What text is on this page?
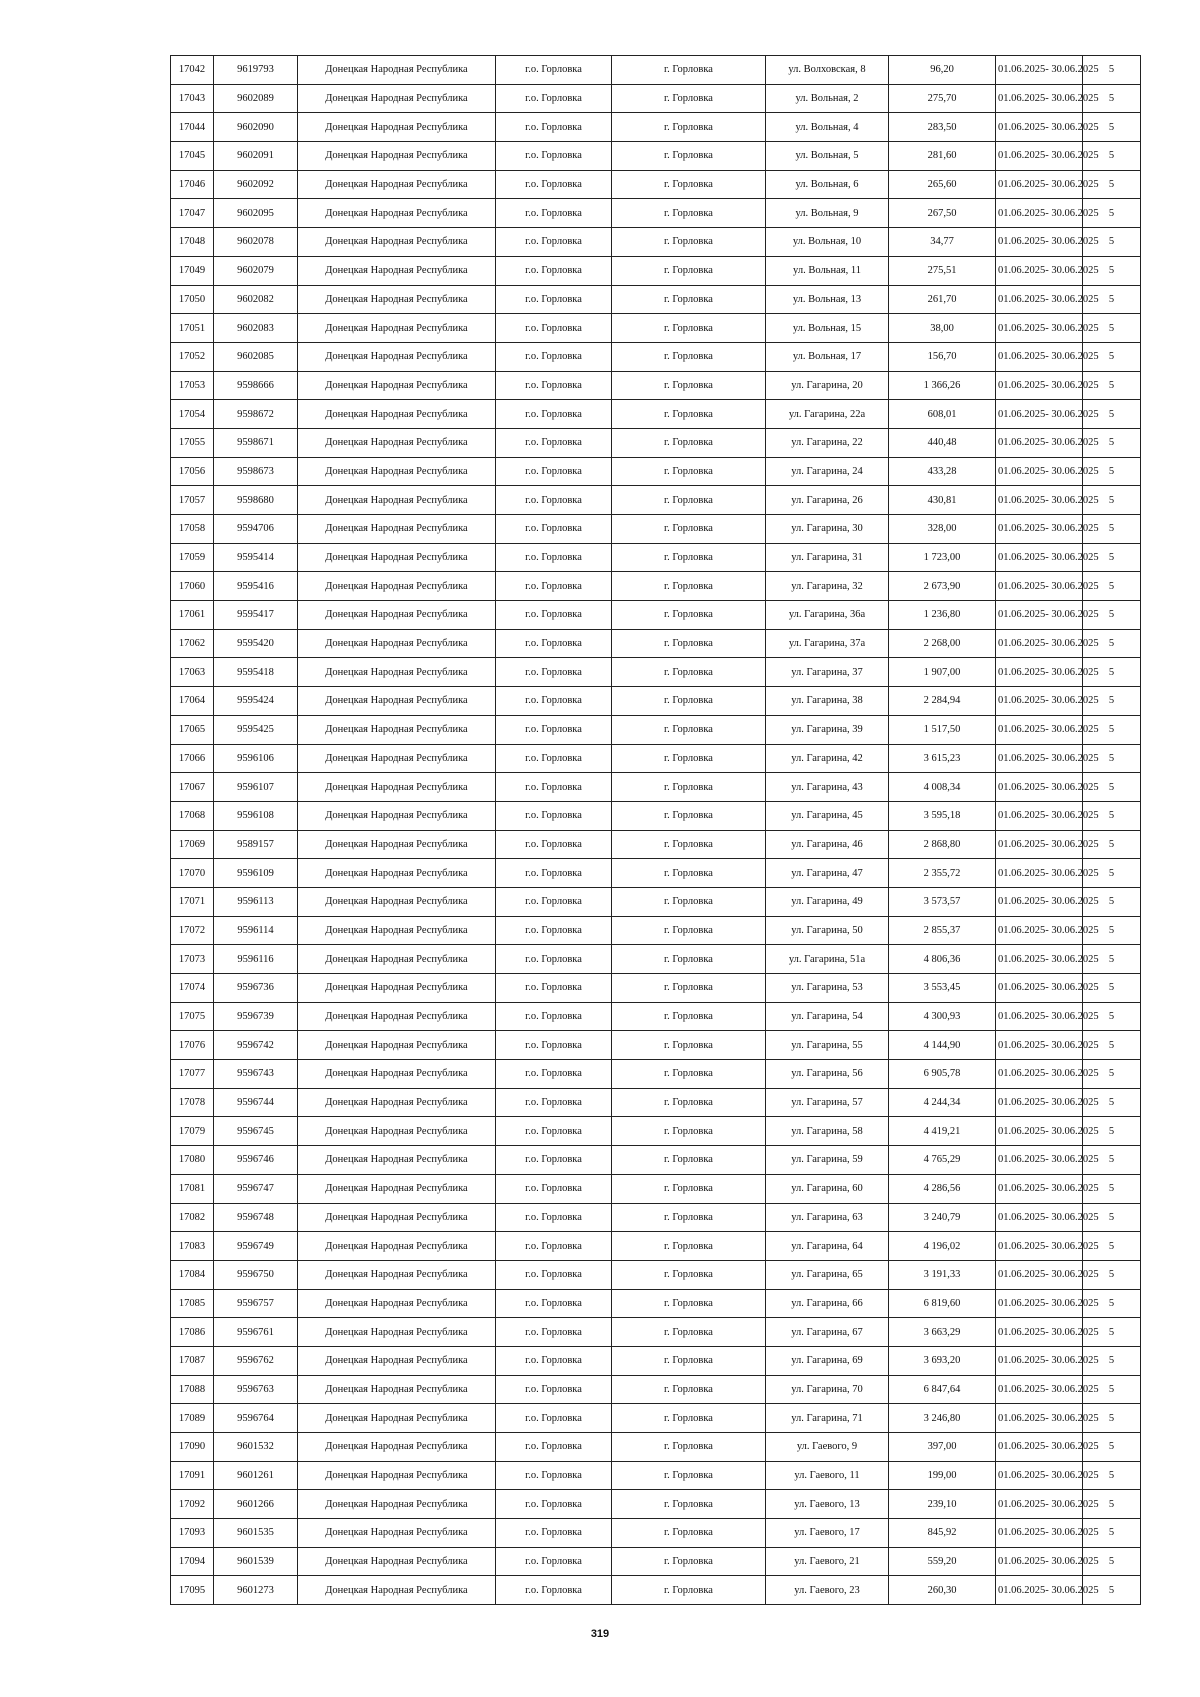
17042	9619793	Донецкая Народная Республика	г.о. Горловка	г. Горловка	ул. Волховская, 8	96,20	01.06.2025- 30.06.2025	5
17043	9602089	Донецкая Народная Республика	г.о. Горловка	г. Горловка	ул. Вольная, 2	275,70	01.06.2025- 30.06.2025	5
17044	9602090	Донецкая Народная Республика	г.о. Горловка	г. Горловка	ул. Вольная, 4	283,50	01.06.2025- 30.06.2025	5
17045	9602091	Донецкая Народная Республика	г.о. Горловка	г. Горловка	ул. Вольная, 5	281,60	01.06.2025- 30.06.2025	5
17046	9602092	Донецкая Народная Республика	г.о. Горловка	г. Горловка	ул. Вольная, 6	265,60	01.06.2025- 30.06.2025	5
17047	9602095	Донецкая Народная Республика	г.о. Горловка	г. Горловка	ул. Вольная, 9	267,50	01.06.2025- 30.06.2025	5
17048	9602078	Донецкая Народная Республика	г.о. Горловка	г. Горловка	ул. Вольная, 10	34,77	01.06.2025- 30.06.2025	5
17049	9602079	Донецкая Народная Республика	г.о. Горловка	г. Горловка	ул. Вольная, 11	275,51	01.06.2025- 30.06.2025	5
17050	9602082	Донецкая Народная Республика	г.о. Горловка	г. Горловка	ул. Вольная, 13	261,70	01.06.2025- 30.06.2025	5
17051	9602083	Донецкая Народная Республика	г.о. Горловка	г. Горловка	ул. Вольная, 15	38,00	01.06.2025- 30.06.2025	5
17052	9602085	Донецкая Народная Республика	г.о. Горловка	г. Горловка	ул. Вольная, 17	156,70	01.06.2025- 30.06.2025	5
17053	9598666	Донецкая Народная Республика	г.о. Горловка	г. Горловка	ул. Гагарина, 20	1 366,26	01.06.2025- 30.06.2025	5
17054	9598672	Донецкая Народная Республика	г.о. Горловка	г. Горловка	ул. Гагарина, 22а	608,01	01.06.2025- 30.06.2025	5
17055	9598671	Донецкая Народная Республика	г.о. Горловка	г. Горловка	ул. Гагарина, 22	440,48	01.06.2025- 30.06.2025	5
17056	9598673	Донецкая Народная Республика	г.о. Горловка	г. Горловка	ул. Гагарина, 24	433,28	01.06.2025- 30.06.2025	5
17057	9598680	Донецкая Народная Республика	г.о. Горловка	г. Горловка	ул. Гагарина, 26	430,81	01.06.2025- 30.06.2025	5
17058	9594706	Донецкая Народная Республика	г.о. Горловка	г. Горловка	ул. Гагарина, 30	328,00	01.06.2025- 30.06.2025	5
17059	9595414	Донецкая Народная Республика	г.о. Горловка	г. Горловка	ул. Гагарина, 31	1 723,00	01.06.2025- 30.06.2025	5
17060	9595416	Донецкая Народная Республика	г.о. Горловка	г. Горловка	ул. Гагарина, 32	2 673,90	01.06.2025- 30.06.2025	5
17061	9595417	Донецкая Народная Республика	г.о. Горловка	г. Горловка	ул. Гагарина, 36а	1 236,80	01.06.2025- 30.06.2025	5
17062	9595420	Донецкая Народная Республика	г.о. Горловка	г. Горловка	ул. Гагарина, 37а	2 268,00	01.06.2025- 30.06.2025	5
17063	9595418	Донецкая Народная Республика	г.о. Горловка	г. Горловка	ул. Гагарина, 37	1 907,00	01.06.2025- 30.06.2025	5
17064	9595424	Донецкая Народная Республика	г.о. Горловка	г. Горловка	ул. Гагарина, 38	2 284,94	01.06.2025- 30.06.2025	5
17065	9595425	Донецкая Народная Республика	г.о. Горловка	г. Горловка	ул. Гагарина, 39	1 517,50	01.06.2025- 30.06.2025	5
17066	9596106	Донецкая Народная Республика	г.о. Горловка	г. Горловка	ул. Гагарина, 42	3 615,23	01.06.2025- 30.06.2025	5
17067	9596107	Донецкая Народная Республика	г.о. Горловка	г. Горловка	ул. Гагарина, 43	4 008,34	01.06.2025- 30.06.2025	5
17068	9596108	Донецкая Народная Республика	г.о. Горловка	г. Горловка	ул. Гагарина, 45	3 595,18	01.06.2025- 30.06.2025	5
17069	9589157	Донецкая Народная Республика	г.о. Горловка	г. Горловка	ул. Гагарина, 46	2 868,80	01.06.2025- 30.06.2025	5
17070	9596109	Донецкая Народная Республика	г.о. Горловка	г. Горловка	ул. Гагарина, 47	2 355,72	01.06.2025- 30.06.2025	5
17071	9596113	Донецкая Народная Республика	г.о. Горловка	г. Горловка	ул. Гагарина, 49	3 573,57	01.06.2025- 30.06.2025	5
17072	9596114	Донецкая Народная Республика	г.о. Горловка	г. Горловка	ул. Гагарина, 50	2 855,37	01.06.2025- 30.06.2025	5
17073	9596116	Донецкая Народная Республика	г.о. Горловка	г. Горловка	ул. Гагарина, 51а	4 806,36	01.06.2025- 30.06.2025	5
17074	9596736	Донецкая Народная Республика	г.о. Горловка	г. Горловка	ул. Гагарина, 53	3 553,45	01.06.2025- 30.06.2025	5
17075	9596739	Донецкая Народная Республика	г.о. Горловка	г. Горловка	ул. Гагарина, 54	4 300,93	01.06.2025- 30.06.2025	5
17076	9596742	Донецкая Народная Республика	г.о. Горловка	г. Горловка	ул. Гагарина, 55	4 144,90	01.06.2025- 30.06.2025	5
17077	9596743	Донецкая Народная Республика	г.о. Горловка	г. Горловка	ул. Гагарина, 56	6 905,78	01.06.2025- 30.06.2025	5
17078	9596744	Донецкая Народная Республика	г.о. Горловка	г. Горловка	ул. Гагарина, 57	4 244,34	01.06.2025- 30.06.2025	5
17079	9596745	Донецкая Народная Республика	г.о. Горловка	г. Горловка	ул. Гагарина, 58	4 419,21	01.06.2025- 30.06.2025	5
17080	9596746	Донецкая Народная Республика	г.о. Горловка	г. Горловка	ул. Гагарина, 59	4 765,29	01.06.2025- 30.06.2025	5
17081	9596747	Донецкая Народная Республика	г.о. Горловка	г. Горловка	ул. Гагарина, 60	4 286,56	01.06.2025- 30.06.2025	5
17082	9596748	Донецкая Народная Республика	г.о. Горловка	г. Горловка	ул. Гагарина, 63	3 240,79	01.06.2025- 30.06.2025	5
17083	9596749	Донецкая Народная Республика	г.о. Горловка	г. Горловка	ул. Гагарина, 64	4 196,02	01.06.2025- 30.06.2025	5
17084	9596750	Донецкая Народная Республика	г.о. Горловка	г. Горловка	ул. Гагарина, 65	3 191,33	01.06.2025- 30.06.2025	5
17085	9596757	Донецкая Народная Республика	г.о. Горловка	г. Горловка	ул. Гагарина, 66	6 819,60	01.06.2025- 30.06.2025	5
17086	9596761	Донецкая Народная Республика	г.о. Горловка	г. Горловка	ул. Гагарина, 67	3 663,29	01.06.2025- 30.06.2025	5
17087	9596762	Донецкая Народная Республика	г.о. Горловка	г. Горловка	ул. Гагарина, 69	3 693,20	01.06.2025- 30.06.2025	5
17088	9596763	Донецкая Народная Республика	г.о. Горловка	г. Горловка	ул. Гагарина, 70	6 847,64	01.06.2025- 30.06.2025	5
17089	9596764	Донецкая Народная Республика	г.о. Горловка	г. Горловка	ул. Гагарина, 71	3 246,80	01.06.2025- 30.06.2025	5
17090	9601532	Донецкая Народная Республика	г.о. Горловка	г. Горловка	ул. Гаевого, 9	397,00	01.06.2025- 30.06.2025	5
17091	9601261	Донецкая Народная Республика	г.о. Горловка	г. Горловка	ул. Гаевого, 11	199,00	01.06.2025- 30.06.2025	5
17092	9601266	Донецкая Народная Республика	г.о. Горловка	г. Горловка	ул. Гаевого, 13	239,10	01.06.2025- 30.06.2025	5
17093	9601535	Донецкая Народная Республика	г.о. Горловка	г. Горловка	ул. Гаевого, 17	845,92	01.06.2025- 30.06.2025	5
17094	9601539	Донецкая Народная Республика	г.о. Горловка	г. Горловка	ул. Гаевого, 21	559,20	01.06.2025- 30.06.2025	5
17095	9601273	Донецкая Народная Республика	г.о. Горловка	г. Горловка	ул. Гаевого, 23	260,30	01.06.2025- 30.06.2025	5
319
